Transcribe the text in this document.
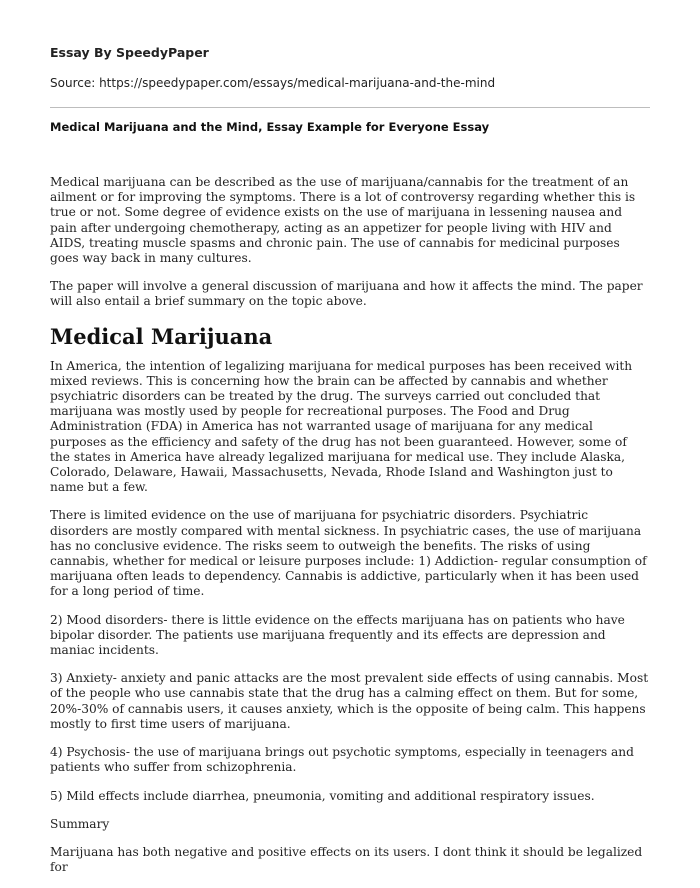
Essay By SpeedyPaper
Source: https://speedypaper.com/essays/medical-marijuana-and-the-mind
Medical Marijuana and the Mind, Essay Example for Everyone Essay

Medical marijuana can be described as the use of marijuana/cannabis for the treatment of an ailment or for improving the symptoms. There is a lot of controversy regarding whether this is true or not. Some degree of evidence exists on the use of marijuana in lessening nausea and pain after undergoing chemotherapy, acting as an appetizer for people living with HIV and AIDS, treating muscle spasms and chronic pain. The use of cannabis for medicinal purposes goes way back in many cultures.

The paper will involve a general discussion of marijuana and how it affects the mind. The paper will also entail a brief summary on the topic above.

Medical Marijuana

In America, the intention of legalizing marijuana for medical purposes has been received with mixed reviews. This is concerning how the brain can be affected by cannabis and whether psychiatric disorders can be treated by the drug. The surveys carried out concluded that marijuana was mostly used by people for recreational purposes. The Food and Drug Administration (FDA) in America has not warranted usage of marijuana for any medical purposes as the efficiency and safety of the drug has not been guaranteed. However, some of the states in America have already legalized marijuana for medical use. They include Alaska, Colorado, Delaware, Hawaii, Massachusetts, Nevada, Rhode Island and Washington just to name but a few.

There is limited evidence on the use of marijuana for psychiatric disorders. Psychiatric disorders are mostly compared with mental sickness. In psychiatric cases, the use of marijuana has no conclusive evidence. The risks seem to outweigh the benefits. The risks of using cannabis, whether for medical or leisure purposes include: 1) Addiction- regular consumption of marijuana often leads to dependency. Cannabis is addictive, particularly when it has been used for a long period of time.

2) Mood disorders- there is little evidence on the effects marijuana has on patients who have bipolar disorder. The patients use marijuana frequently and its effects are depression and maniac incidents.

3) Anxiety- anxiety and panic attacks are the most prevalent side effects of using cannabis. Most of the people who use cannabis state that the drug has a calming effect on them. But for some, 20%-30% of cannabis users, it causes anxiety, which is the opposite of being calm. This happens mostly to first time users of marijuana.

4) Psychosis- the use of marijuana brings out psychotic symptoms, especially in teenagers and patients who suffer from schizophrenia.

5) Mild effects include diarrhea, pneumonia, vomiting and additional respiratory issues.

Summary

Marijuana has both negative and positive effects on its users. I dont think it should be legalized for
